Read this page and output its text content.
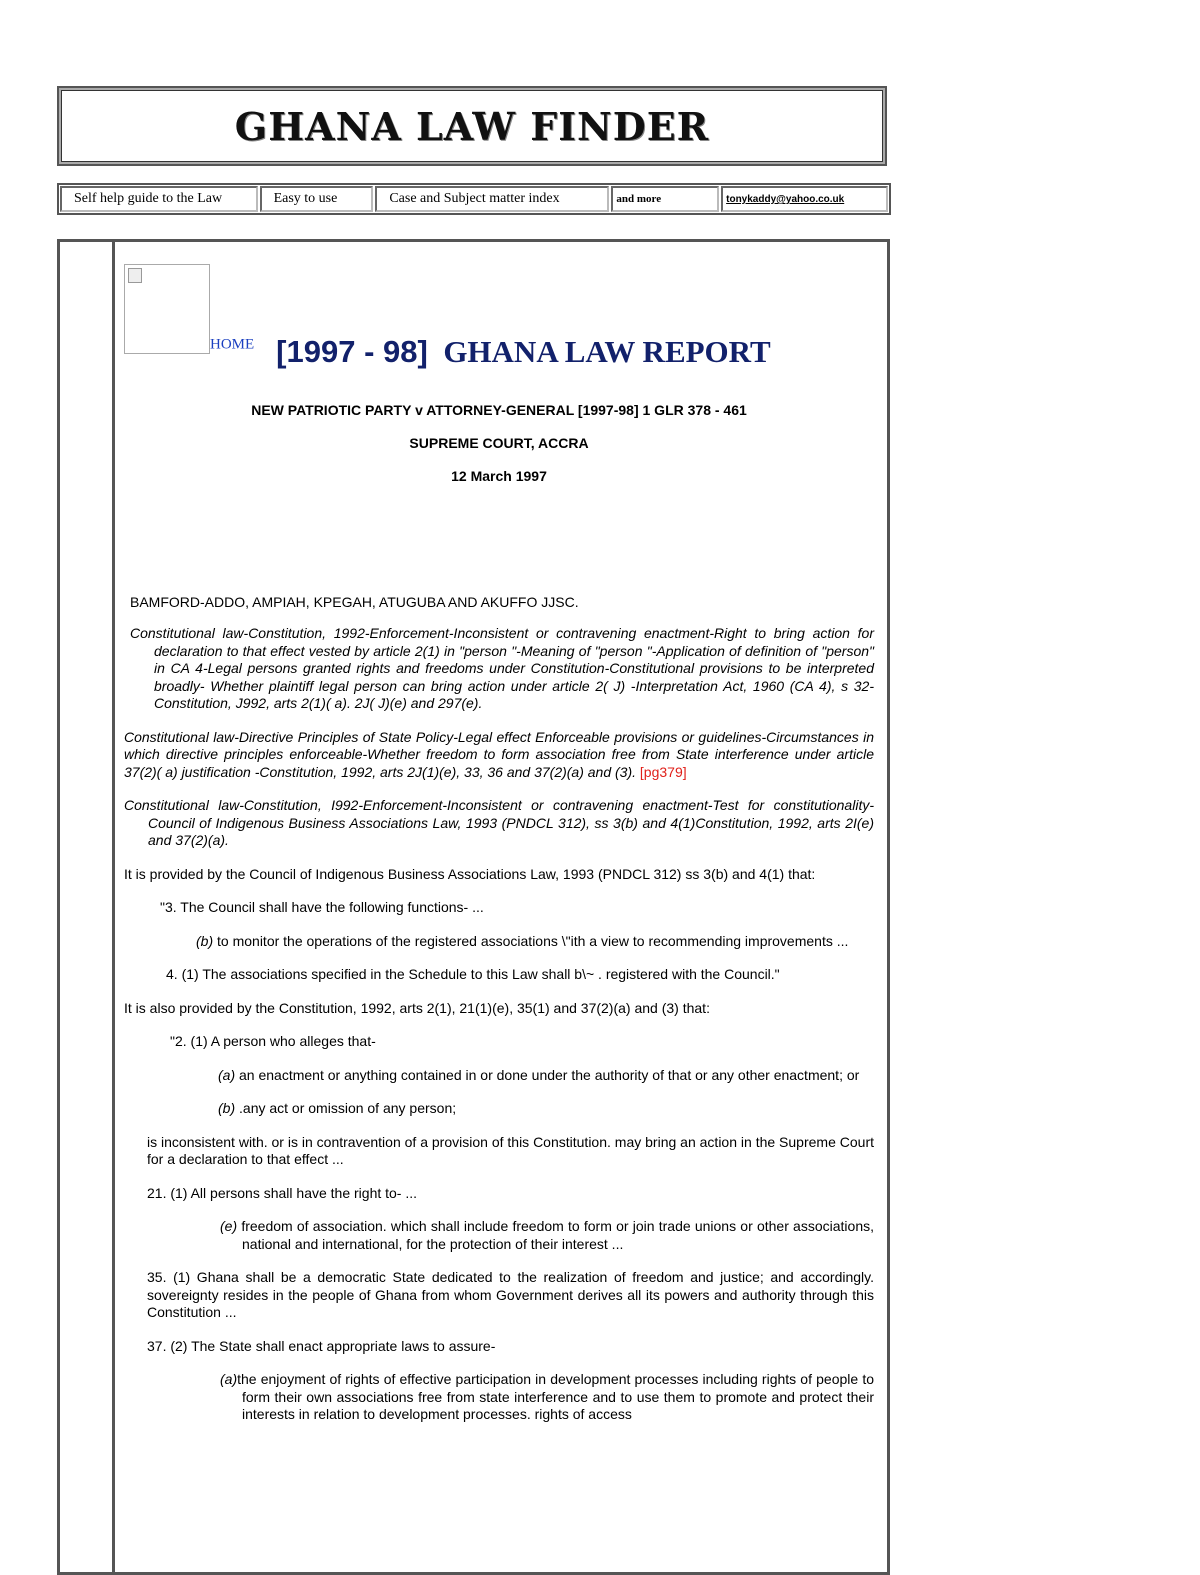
GHANA LAW FINDER
Self help guide to the Law	Easy to use	Case and Subject matter index	and more	tonykaddy@yahoo.co.uk
HOME [1997 - 98] GHANA LAW REPORT

NEW PATRIOTIC PARTY v ATTORNEY-GENERAL [1997-98] 1 GLR 378 - 461

SUPREME COURT, ACCRA

12 March 1997

BAMFORD-ADDO, AMPIAH, KPEGAH, ATUGUBA AND AKUFFO JJSC.

Constitutional law-Constitution, 1992-Enforcement-Inconsistent or contravening enactment-Right to bring action for declaration to that effect vested by article 2(1) in "person "-Meaning of "person "-Application of definition of "person" in CA 4-Legal persons granted rights and freedoms under Constitution-Constitutional provisions to be interpreted broadly- Whether plaintiff legal person can bring action under article 2( J) -Interpretation Act, 1960 (CA 4), s 32-Constitution, J992, arts 2(1)( a). 2J( J)(e) and 297(e).

Constitutional law-Directive Principles of State Policy-Legal effect Enforceable provisions or guidelines-Circumstances in which directive principles enforceable-Whether freedom to form association free from State interference under article 37(2)( a) justification -Constitution, 1992, arts 2J(1)(e), 33, 36 and 37(2)(a) and (3). [pg379]

Constitutional law-Constitution, I992-Enforcement-Inconsistent or contravening enactment-Test for constitutionality-Council of Indigenous Business Associations Law, 1993 (PNDCL 312), ss 3(b) and 4(1)Constitution, 1992, arts 2I(e) and 37(2)(a).

It is provided by the Council of Indigenous Business Associations Law, 1993 (PNDCL 312) ss 3(b) and 4(1) that:

"3. The Council shall have the following functions- ...

(b) to monitor the operations of the registered associations \"ith a view to recommending improvements ...

4. (1) The associations specified in the Schedule to this Law shall b\~ . registered with the Council."

It is also provided by the Constitution, 1992, arts 2(1), 21(1)(e), 35(1) and 37(2)(a) and (3) that:

"2. (1) A person who alleges that-

(a) an enactment or anything contained in or done under the authority of that or any other enactment; or

(b) .any act or omission of any person;

is inconsistent with. or is in contravention of a provision of this Constitution. may bring an action in the Supreme Court for a declaration to that effect ...

21. (1) All persons shall have the right to- ...

(e) freedom of association. which shall include freedom to form or join trade unions or other associations, national and international, for the protection of their interest ...

35. (1) Ghana shall be a democratic State dedicated to the realization of freedom and justice; and accordingly. sovereignty resides in the people of Ghana from whom Government derives all its powers and authority through this Constitution ...

37. (2) The State shall enact appropriate laws to assure-

(a)the enjoyment of rights of effective participation in development processes including rights of people to form their own associations free from state interference and to use them to promote and protect their interests in relation to development processes. rights of access
